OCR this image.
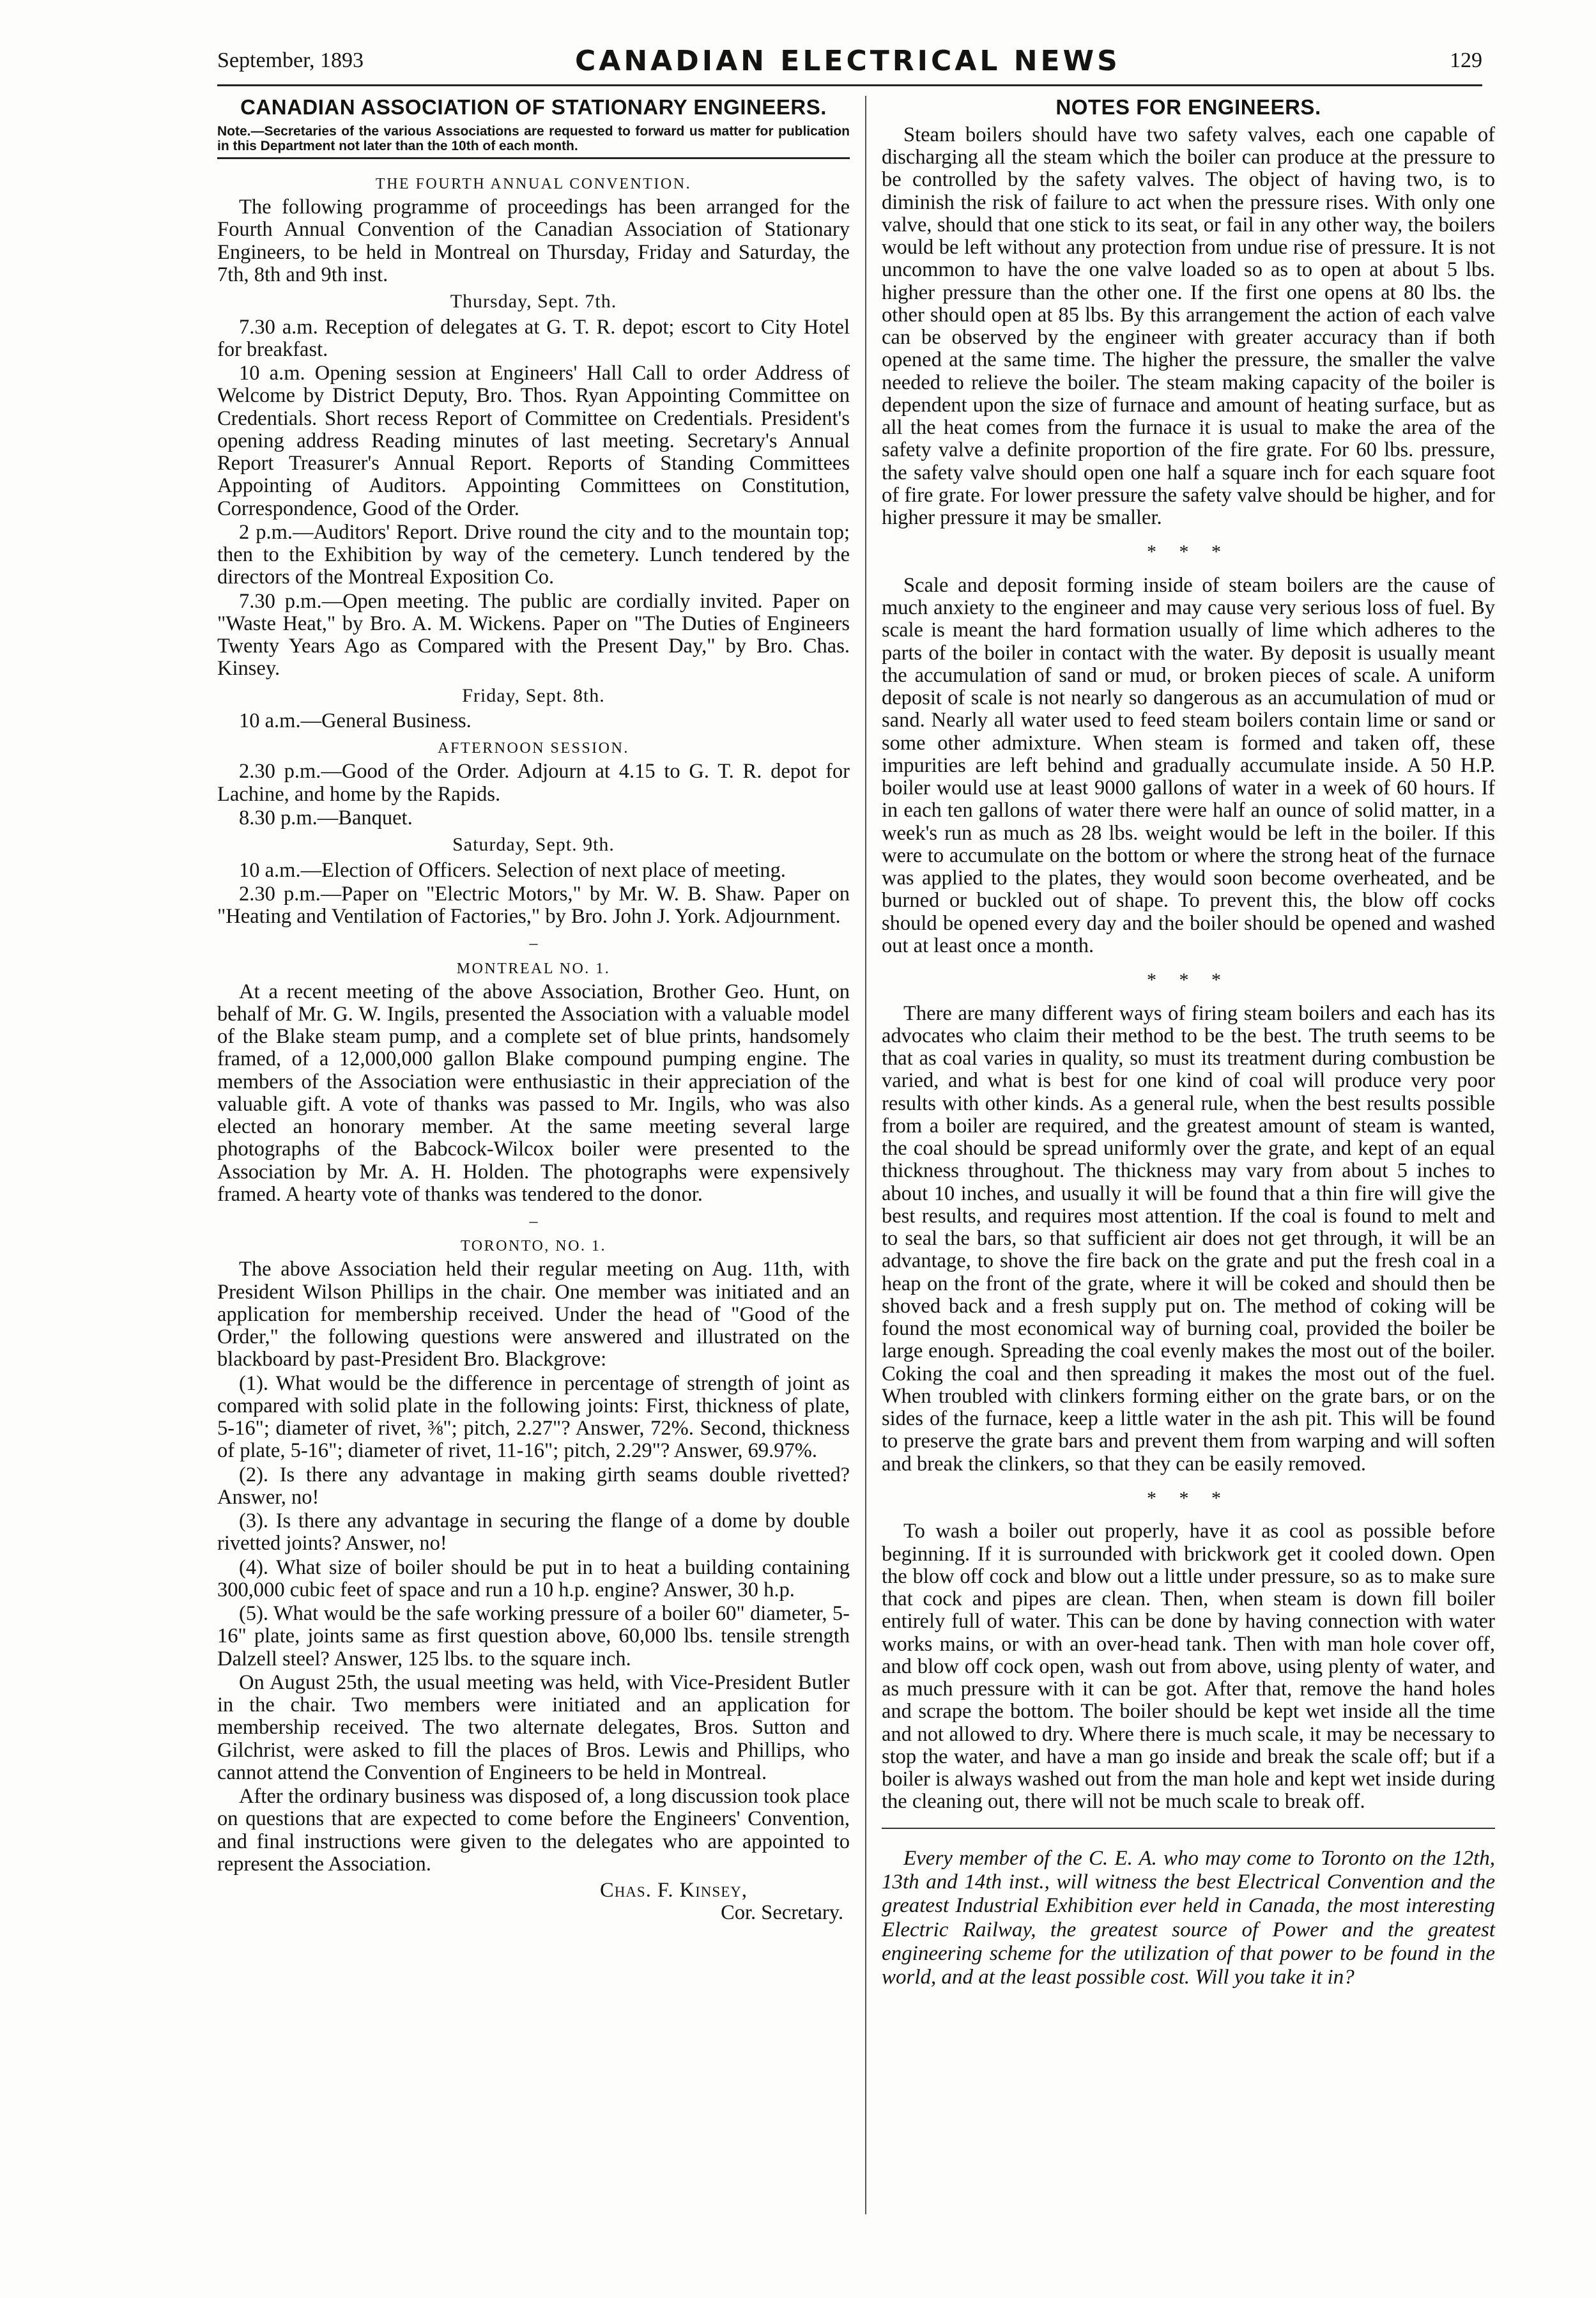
September, 1893	CANADIAN ELECTRICAL NEWS	129
CANADIAN ASSOCIATION OF STATIONARY ENGINEERS.
Note.—Secretaries of the various Associations are requested to forward us matter for publication in this Department not later than the 10th of each month.
THE FOURTH ANNUAL CONVENTION.

The following programme of proceedings has been arranged for the Fourth Annual Convention of the Canadian Association of Stationary Engineers, to be held in Montreal on Thursday, Friday and Saturday, the 7th, 8th and 9th inst.

Thursday, Sept. 7th.

7.30 a.m. Reception of delegates at G. T. R. depot; escort to City Hotel for breakfast.

10 a.m. Opening session at Engineers' Hall Call to order Address of Welcome by District Deputy, Bro. Thos. Ryan Appointing Committee on Credentials. Short recess Report of Committee on Credentials. President's opening address Reading minutes of last meeting. Secretary's Annual Report Treasurer's Annual Report. Reports of Standing Committees Appointing of Auditors. Appointing Committees on Constitution, Correspondence, Good of the Order.

2 p.m.—Auditors' Report. Drive round the city and to the mountain top; then to the Exhibition by way of the cemetery. Lunch tendered by the directors of the Montreal Exposition Co.

7.30 p.m.—Open meeting. The public are cordially invited. Paper on "Waste Heat," by Bro. A. M. Wickens. Paper on "The Duties of Engineers Twenty Years Ago as Compared with the Present Day," by Bro. Chas. Kinsey.

Friday, Sept. 8th.

10 a.m.—General Business.

AFTERNOON SESSION.

2.30 p.m.—Good of the Order. Adjourn at 4.15 to G. T. R. depot for Lachine, and home by the Rapids.

8.30 p.m.—Banquet.

Saturday, Sept. 9th.

10 a.m.—Election of Officers. Selection of next place of meeting.

2.30 p.m.—Paper on "Electric Motors," by Mr. W. B. Shaw. Paper on "Heating and Ventilation of Factories," by Bro. John J. York. Adjournment.

–
MONTREAL NO. 1.

At a recent meeting of the above Association, Brother Geo. Hunt, on behalf of Mr. G. W. Ingils, presented the Association with a valuable model of the Blake steam pump, and a complete set of blue prints, handsomely framed, of a 12,000,000 gallon Blake compound pumping engine. The members of the Association were enthusiastic in their appreciation of the valuable gift. A vote of thanks was passed to Mr. Ingils, who was also elected an honorary member. At the same meeting several large photographs of the Babcock-Wilcox boiler were presented to the Association by Mr. A. H. Holden. The photographs were expensively framed. A hearty vote of thanks was tendered to the donor.

–
TORONTO, NO. 1.

The above Association held their regular meeting on Aug. 11th, with President Wilson Phillips in the chair. One member was initiated and an application for membership received. Under the head of "Good of the Order," the following questions were answered and illustrated on the blackboard by past-President Bro. Blackgrove:

(1). What would be the difference in percentage of strength of joint as compared with solid plate in the following joints: First, thickness of plate, 5-16"; diameter of rivet, ⅜"; pitch, 2.27"? Answer, 72%. Second, thickness of plate, 5-16"; diameter of rivet, 11-16"; pitch, 2.29"? Answer, 69.97%.

(2). Is there any advantage in making girth seams double rivetted? Answer, no!

(3). Is there any advantage in securing the flange of a dome by double rivetted joints? Answer, no!

(4). What size of boiler should be put in to heat a building containing 300,000 cubic feet of space and run a 10 h.p. engine? Answer, 30 h.p.

(5). What would be the safe working pressure of a boiler 60" diameter, 5-16" plate, joints same as first question above, 60,000 lbs. tensile strength Dalzell steel? Answer, 125 lbs. to the square inch.

On August 25th, the usual meeting was held, with Vice-President Butler in the chair. Two members were initiated and an application for membership received. The two alternate delegates, Bros. Sutton and Gilchrist, were asked to fill the places of Bros. Lewis and Phillips, who cannot attend the Convention of Engineers to be held in Montreal.

After the ordinary business was disposed of, a long discussion took place on questions that are expected to come before the Engineers' Convention, and final instructions were given to the delegates who are appointed to represent the Association.

Chas. F. Kinsey,

Cor. Secretary.

NOTES FOR ENGINEERS.

Steam boilers should have two safety valves, each one capable of discharging all the steam which the boiler can produce at the pressure to be controlled by the safety valves. The object of having two, is to diminish the risk of failure to act when the pressure rises. With only one valve, should that one stick to its seat, or fail in any other way, the boilers would be left without any protection from undue rise of pressure. It is not uncommon to have the one valve loaded so as to open at about 5 lbs. higher pressure than the other one. If the first one opens at 80 lbs. the other should open at 85 lbs. By this arrangement the action of each valve can be observed by the engineer with greater accuracy than if both opened at the same time. The higher the pressure, the smaller the valve needed to relieve the boiler. The steam making capacity of the boiler is dependent upon the size of furnace and amount of heating surface, but as all the heat comes from the furnace it is usual to make the area of the safety valve a definite proportion of the fire grate. For 60 lbs. pressure, the safety valve should open one half a square inch for each square foot of fire grate. For lower pressure the safety valve should be higher, and for higher pressure it may be smaller.

* * *

Scale and deposit forming inside of steam boilers are the cause of much anxiety to the engineer and may cause very serious loss of fuel. By scale is meant the hard formation usually of lime which adheres to the parts of the boiler in contact with the water. By deposit is usually meant the accumulation of sand or mud, or broken pieces of scale. A uniform deposit of scale is not nearly so dangerous as an accumulation of mud or sand. Nearly all water used to feed steam boilers contain lime or sand or some other admixture. When steam is formed and taken off, these impurities are left behind and gradually accumulate inside. A 50 H.P. boiler would use at least 9000 gallons of water in a week of 60 hours. If in each ten gallons of water there were half an ounce of solid matter, in a week's run as much as 28 lbs. weight would be left in the boiler. If this were to accumulate on the bottom or where the strong heat of the furnace was applied to the plates, they would soon become overheated, and be burned or buckled out of shape. To prevent this, the blow off cocks should be opened every day and the boiler should be opened and washed out at least once a month.

* * *

There are many different ways of firing steam boilers and each has its advocates who claim their method to be the best. The truth seems to be that as coal varies in quality, so must its treatment during combustion be varied, and what is best for one kind of coal will produce very poor results with other kinds. As a general rule, when the best results possible from a boiler are required, and the greatest amount of steam is wanted, the coal should be spread uniformly over the grate, and kept of an equal thickness throughout. The thickness may vary from about 5 inches to about 10 inches, and usually it will be found that a thin fire will give the best results, and requires most attention. If the coal is found to melt and to seal the bars, so that sufficient air does not get through, it will be an advantage, to shove the fire back on the grate and put the fresh coal in a heap on the front of the grate, where it will be coked and should then be shoved back and a fresh supply put on. The method of coking will be found the most economical way of burning coal, provided the boiler be large enough. Spreading the coal evenly makes the most out of the boiler. Coking the coal and then spreading it makes the most out of the fuel. When troubled with clinkers forming either on the grate bars, or on the sides of the furnace, keep a little water in the ash pit. This will be found to preserve the grate bars and prevent them from warping and will soften and break the clinkers, so that they can be easily removed.

* * *

To wash a boiler out properly, have it as cool as possible before beginning. If it is surrounded with brickwork get it cooled down. Open the blow off cock and blow out a little under pressure, so as to make sure that cock and pipes are clean. Then, when steam is down fill boiler entirely full of water. This can be done by having connection with water works mains, or with an over-head tank. Then with man hole cover off, and blow off cock open, wash out from above, using plenty of water, and as much pressure with it can be got. After that, remove the hand holes and scrape the bottom. The boiler should be kept wet inside all the time and not allowed to dry. Where there is much scale, it may be necessary to stop the water, and have a man go inside and break the scale off; but if a boiler is always washed out from the man hole and kept wet inside during the cleaning out, there will not be much scale to break off.

Every member of the C. E. A. who may come to Toronto on the 12th, 13th and 14th inst., will witness the best Electrical Convention and the greatest Industrial Exhibition ever held in Canada, the most interesting Electric Railway, the greatest source of Power and the greatest engineering scheme for the utilization of that power to be found in the world, and at the least possible cost. Will you take it in?
